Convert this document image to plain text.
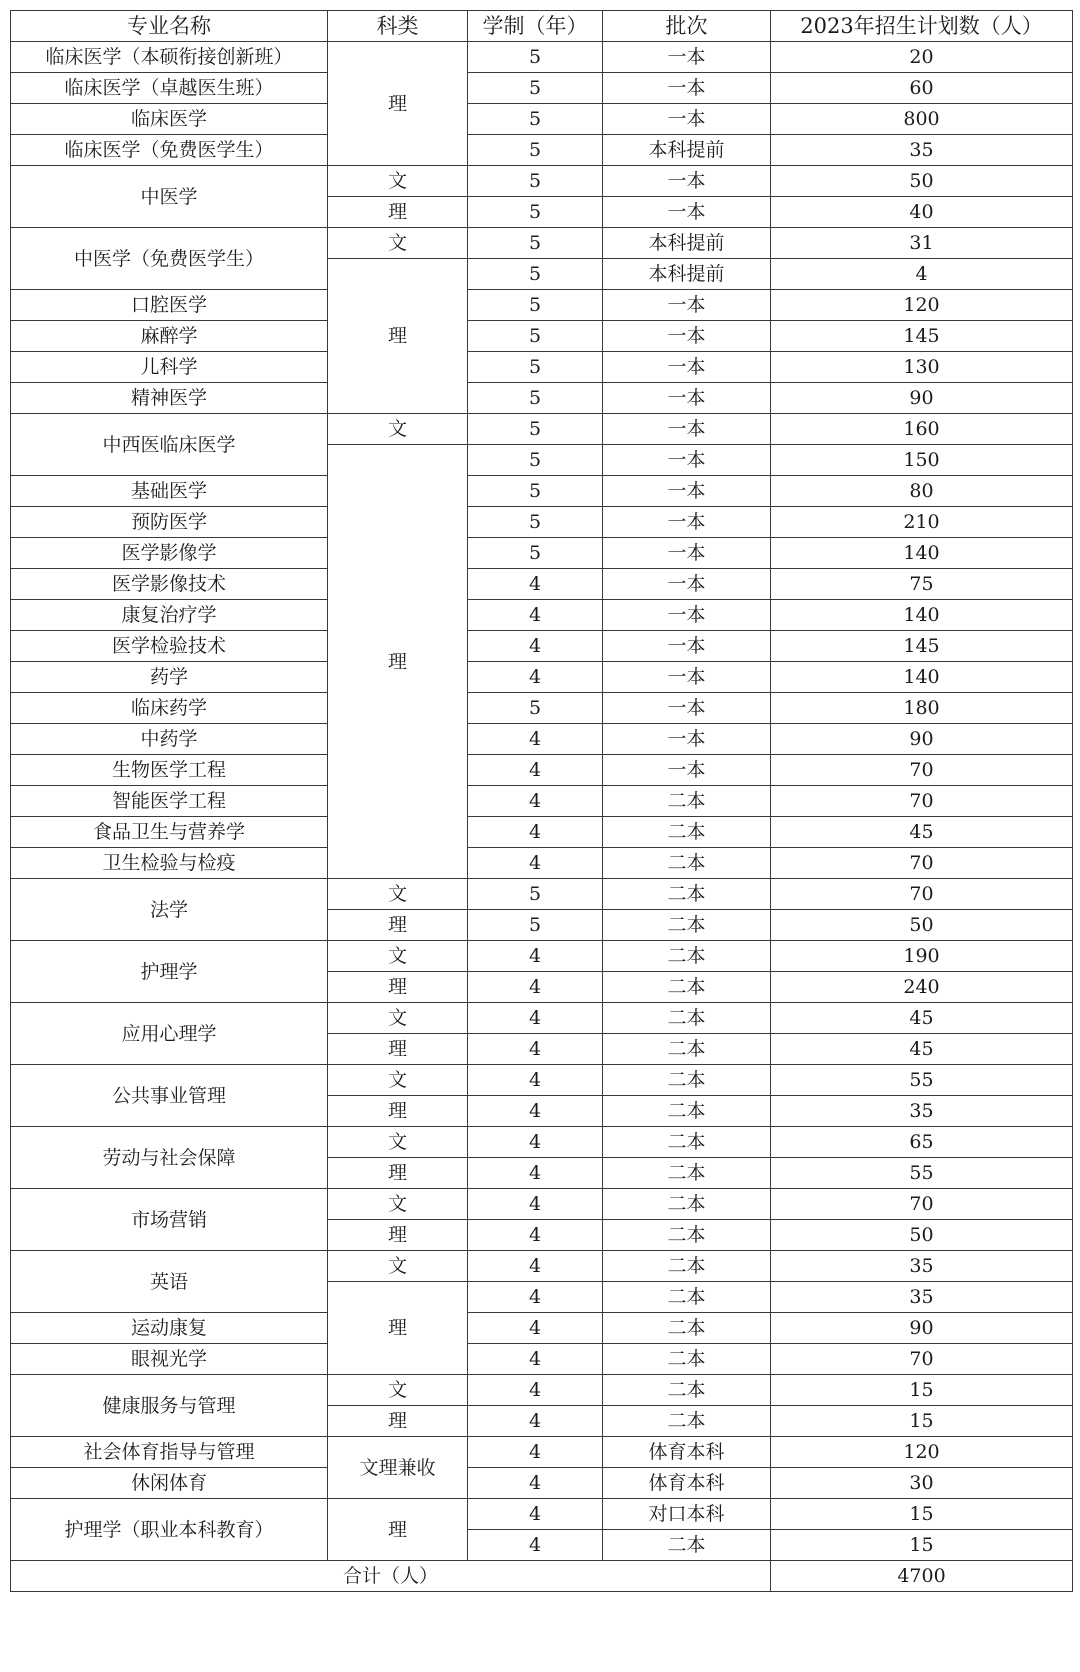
专业名称	科类	学制（年）	批次	2023年招生计划数（人）
临床医学（本硕衔接创新班）	理	5	一本	20
临床医学（卓越医生班）		5	一本	60
临床医学		5	一本	800
临床医学（免费医学生）		5	本科提前	35
中医学	文	5	一本	50
	理	5	一本	40
中医学（免费医学生）	文	5	本科提前	31
	理	5	本科提前	4
口腔医学		5	一本	120
麻醉学		5	一本	145
儿科学		5	一本	130
精神医学		5	一本	90
中西医临床医学	文	5	一本	160
	理	5	一本	150
基础医学		5	一本	80
预防医学		5	一本	210
医学影像学		5	一本	140
医学影像技术		4	一本	75
康复治疗学		4	一本	140
医学检验技术		4	一本	145
药学		4	一本	140
临床药学		5	一本	180
中药学		4	一本	90
生物医学工程		4	一本	70
智能医学工程		4	二本	70
食品卫生与营养学		4	二本	45
卫生检验与检疫		4	二本	70
法学	文	5	二本	70
	理	5	二本	50
护理学	文	4	二本	190
	理	4	二本	240
应用心理学	文	4	二本	45
	理	4	二本	45
公共事业管理	文	4	二本	55
	理	4	二本	35
劳动与社会保障	文	4	二本	65
	理	4	二本	55
市场营销	文	4	二本	70
	理	4	二本	50
英语	文	4	二本	35
	理	4	二本	35
运动康复		4	二本	90
眼视光学		4	二本	70
健康服务与管理	文	4	二本	15
	理	4	二本	15
社会体育指导与管理	文理兼收	4	体育本科	120
休闲体育		4	体育本科	30
护理学（职业本科教育）	理	4	对口本科	15
		4	二本	15
合计（人）				4700
